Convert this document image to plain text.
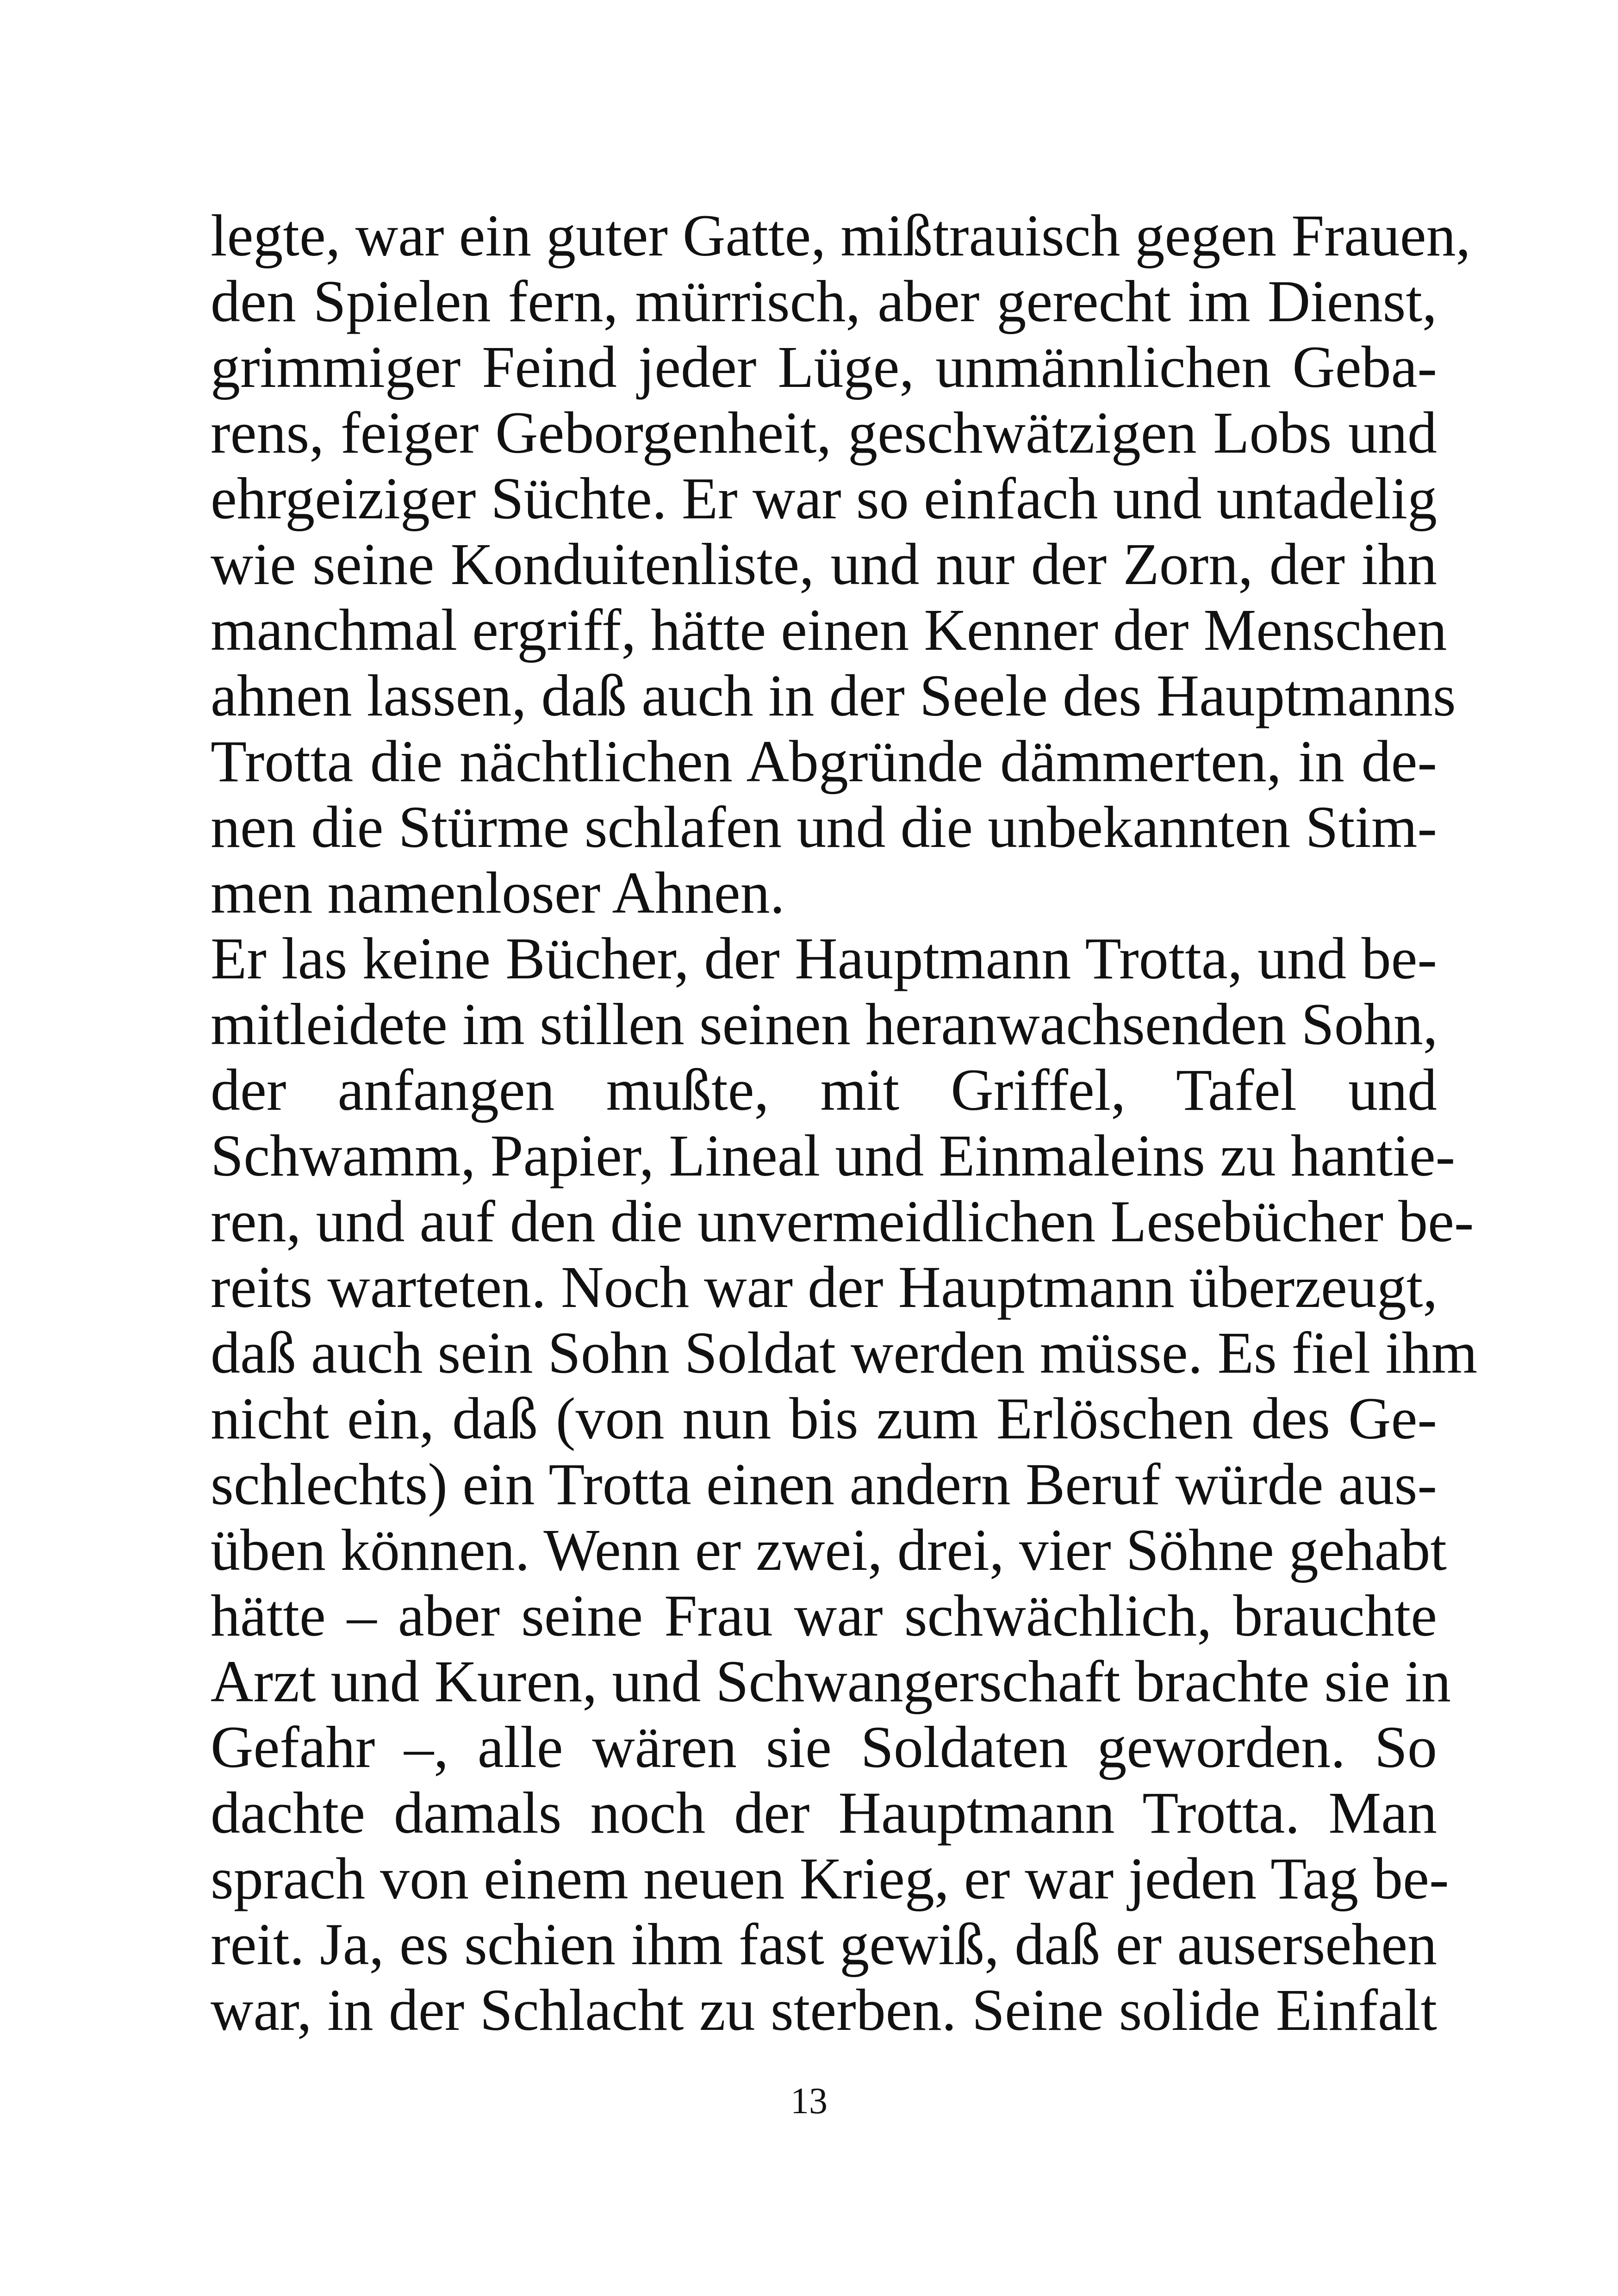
legte, war ein guter Gatte, mißtrauisch gegen Frauen,
den Spielen fern, mürrisch, aber gerecht im Dienst,
grimmiger Feind jeder Lüge, unmännlichen Geba-
rens, feiger Geborgenheit, geschwätzigen Lobs und
ehrgeiziger Süchte. Er war so einfach und untadelig
wie seine Konduitenliste, und nur der Zorn, der ihn
manchmal ergriff, hätte einen Kenner der Menschen
ahnen lassen, daß auch in der Seele des Hauptmanns
Trotta die nächtlichen Abgründe dämmerten, in de-
nen die Stürme schlafen und die unbekannten Stim-
men namenloser Ahnen.
Er las keine Bücher, der Hauptmann Trotta, und be-
mitleidete im stillen seinen heranwachsenden Sohn,
der anfangen mußte, mit Griffel, Tafel und
Schwamm, Papier, Lineal und Einmaleins zu hantie-
ren, und auf den die unvermeidlichen Lesebücher be-
reits warteten. Noch war der Hauptmann überzeugt,
daß auch sein Sohn Soldat werden müsse. Es fiel ihm
nicht ein, daß (von nun bis zum Erlöschen des Ge-
schlechts) ein Trotta einen andern Beruf würde aus-
üben können. Wenn er zwei, drei, vier Söhne gehabt
hätte – aber seine Frau war schwächlich, brauchte
Arzt und Kuren, und Schwangerschaft brachte sie in
Gefahr –, alle wären sie Soldaten geworden. So
dachte damals noch der Hauptmann Trotta. Man
sprach von einem neuen Krieg, er war jeden Tag be-
reit. Ja, es schien ihm fast gewiß, daß er ausersehen
war, in der Schlacht zu sterben. Seine solide Einfalt
13
